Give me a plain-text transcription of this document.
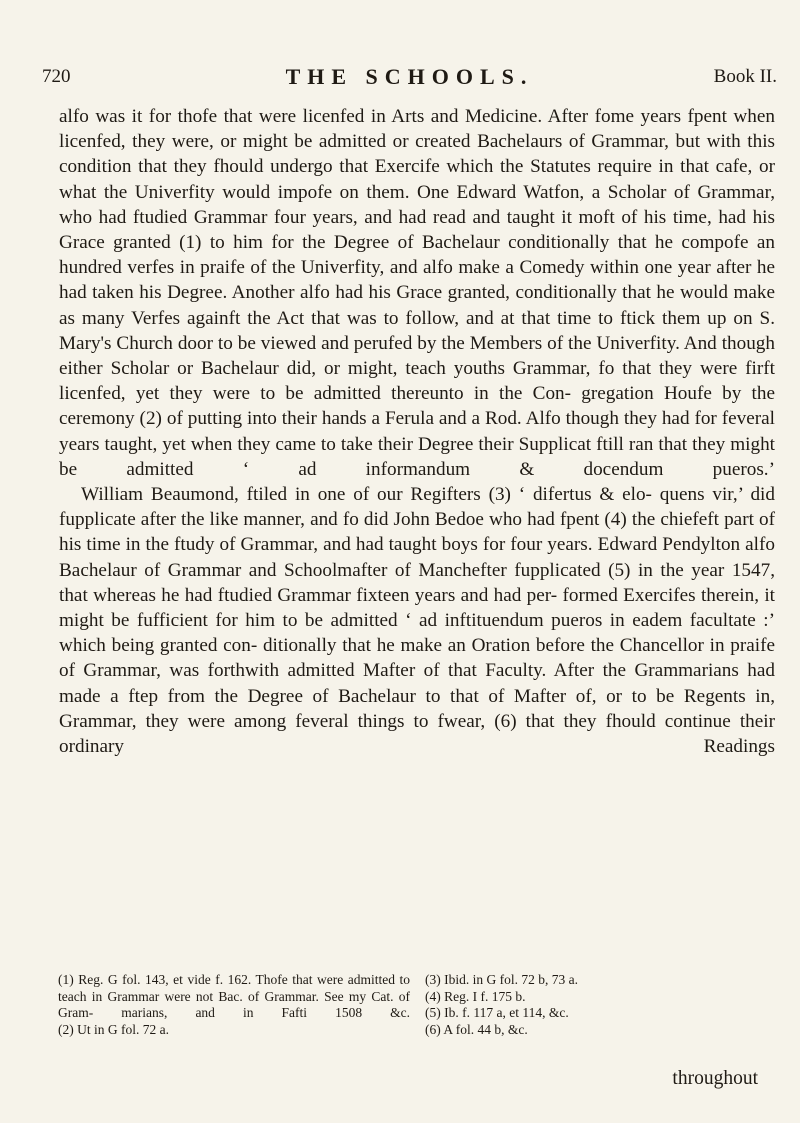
720	THE SCHOOLS.	Book II.

alfo was it for thofe that were licenfed in Arts and Medicine. After fome years fpent when licenfed, they were, or might be admitted or created Bachelaurs of Grammar, but with this condition that they fhould undergo that Exercife which the Statutes require in that cafe, or what the Univerfity would impofe on them. One Edward Watfon, a Scholar of Grammar, who had ftudied Grammar four years, and had read and taught it moft of his time, had his Grace granted (1) to him for the Degree of Bachelaur conditionally that he compofe an hundred verfes in praife of the Univerfity, and alfo make a Comedy within one year after he had taken his Degree. Another alfo had his Grace granted, conditionally that he would make as many Verfes againft the Act that was to follow, and at that time to ftick them up on S. Mary's Church door to be viewed and perufed by the Members of the Univerfity. And though either Scholar or Bachelaur did, or might, teach youths Grammar, fo that they were firft licenfed, yet they were to be admitted thereunto in the Con- gregation Houfe by the ceremony (2) of putting into their hands a Ferula and a Rod. Alfo though they had for feveral years taught, yet when they came to take their Degree their Supplicat ftill ran that they might be admitted ‘ ad informandum & docendum pueros.’

William Beaumond, ftiled in one of our Regifters (3) ‘ difertus & elo- quens vir,’ did fupplicate after the like manner, and fo did John Bedoe who had fpent (4) the chiefeft part of his time in the ftudy of Grammar, and had taught boys for four years. Edward Pendylton alfo Bachelaur of Grammar and Schoolmafter of Manchefter fupplicated (5) in the year 1547, that whereas he had ftudied Grammar fixteen years and had per- formed Exercifes therein, it might be fufficient for him to be admitted ‘ ad inftituendum pueros in eadem facultate :’ which being granted con- ditionally that he make an Oration before the Chancellor in praife of Grammar, was forthwith admitted Mafter of that Faculty. After the Grammarians had made a ftep from the Degree of Bachelaur to that of Mafter of, or to be Regents in, Grammar, they were among feveral things to fwear, (6) that they fhould continue their ordinary Readings

(1) Reg. G fol. 143, et vide f. 162. Thofe that were admitted to teach in Grammar were not Bac. of Grammar. See my Cat. of Gram- marians, and in Fafti 1508 &c.

(2) Ut in G fol. 72 a.

(3) Ibid. in G fol. 72 b, 73 a.

(4) Reg. I f. 175 b.

(5) Ib. f. 117 a, et 114, &c.

(6) A fol. 44 b, &c.

throughout
